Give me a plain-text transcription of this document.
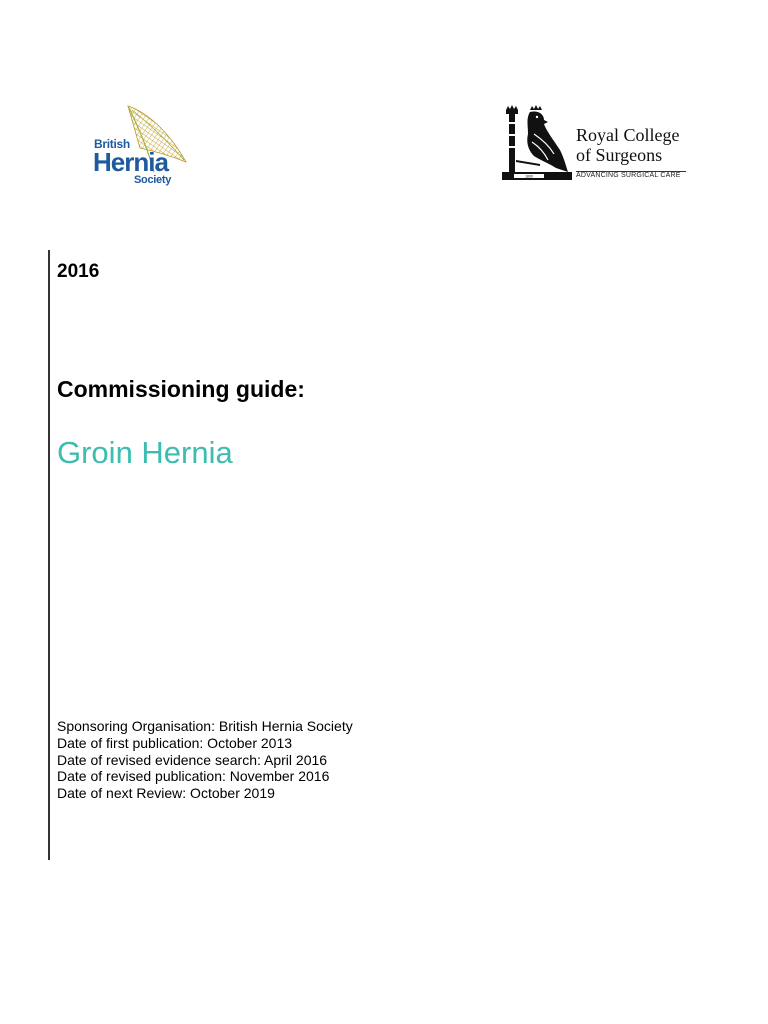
British
Hernia
Society	1800
Royal College
of Surgeons
ADVANCING SURGICAL CARE
2016
Commissioning guide:
Groin Hernia
Sponsoring Organisation: British Hernia Society
Date of first publication: October 2013
Date of revised evidence search: April 2016
Date of revised publication: November 2016
Date of next Review: October 2019
